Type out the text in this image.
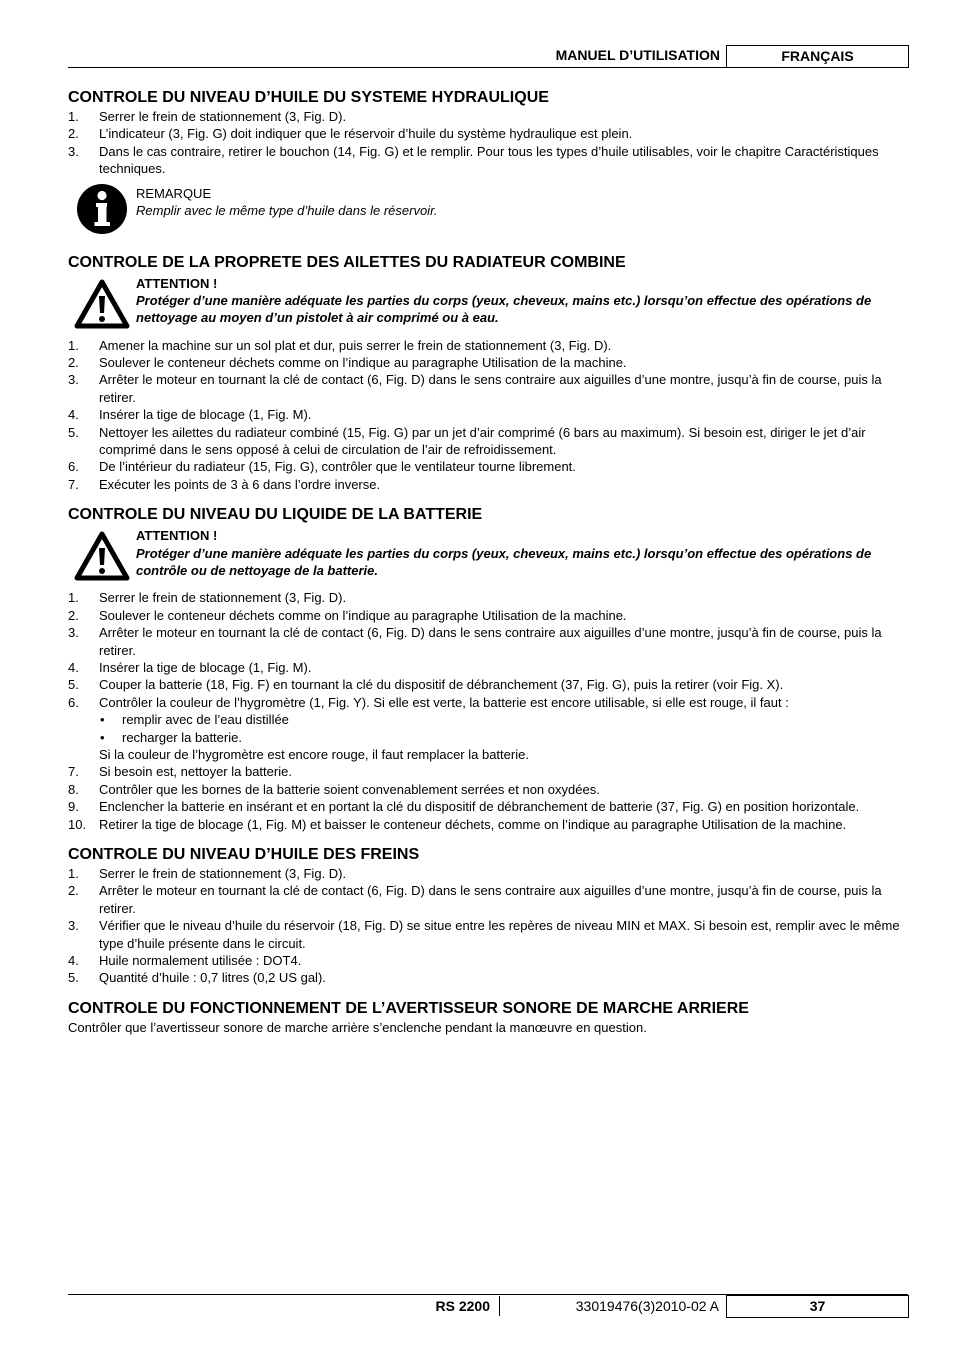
MANUEL D’UTILISATION	FRANÇAIS
CONTROLE DU NIVEAU D’HUILE DU SYSTEME HYDRAULIQUE
1. Serrer le frein de stationnement (3, Fig. D).
2. L’indicateur (3, Fig. G) doit indiquer que le réservoir d’huile du système hydraulique est plein.
3. Dans le cas contraire, retirer le bouchon (14, Fig. G) et le remplir. Pour tous les types d’huile utilisables, voir le chapitre Caractéristiques techniques.
REMARQUE
Remplir avec le même type d’huile dans le réservoir.
CONTROLE DE LA PROPRETE DES AILETTES DU RADIATEUR COMBINE
ATTENTION !
Protéger d’une manière adéquate les parties du corps (yeux, cheveux, mains etc.) lorsqu’on effectue des opérations de nettoyage au moyen d’un pistolet à air comprimé ou à eau.
1. Amener la machine sur un sol plat et dur, puis serrer le frein de stationnement (3, Fig. D).
2. Soulever le conteneur déchets comme on l’indique au paragraphe Utilisation de la machine.
3. Arrêter le moteur en tournant la clé de contact (6, Fig. D) dans le sens contraire aux aiguilles d’une montre, jusqu’à fin de course, puis la retirer.
4. Insérer la tige de blocage (1, Fig. M).
5. Nettoyer les ailettes du radiateur combiné (15, Fig. G) par un jet d’air comprimé (6 bars au maximum). Si besoin est, diriger le jet d’air comprimé dans le sens opposé à celui de circulation de l’air de refroidissement.
6. De l’intérieur du radiateur (15, Fig. G), contrôler que le ventilateur tourne librement.
7. Exécuter les points de 3 à 6 dans l’ordre inverse.
CONTROLE DU NIVEAU DU LIQUIDE DE LA BATTERIE
ATTENTION !
Protéger d’une manière adéquate les parties du corps (yeux, cheveux, mains etc.) lorsqu’on effectue des opérations de contrôle ou de nettoyage de la batterie.
1. Serrer le frein de stationnement (3, Fig. D).
2. Soulever le conteneur déchets comme on l’indique au paragraphe Utilisation de la machine.
3. Arrêter le moteur en tournant la clé de contact (6, Fig. D) dans le sens contraire aux aiguilles d’une montre, jusqu’à fin de course, puis la retirer.
4. Insérer la tige de blocage (1, Fig. M).
5. Couper la batterie (18, Fig. F) en tournant la clé du dispositif de débranchement (37, Fig. G), puis la retirer (voir Fig. X).
6. Contrôler la couleur de l’hygromètre (1, Fig. Y). Si elle est verte, la batterie est encore utilisable, si elle est rouge, il faut :
• remplir avec de l’eau distillée
• recharger la batterie.
Si la couleur de l’hygromètre est encore rouge, il faut remplacer la batterie.
7. Si besoin est, nettoyer la batterie.
8. Contrôler que les bornes de la batterie soient convenablement serrées et non oxydées.
9. Enclencher la batterie en insérant et en portant la clé du dispositif de débranchement de batterie (37, Fig. G) en position horizontale.
10. Retirer la tige de blocage (1, Fig. M) et baisser le conteneur déchets, comme on l’indique au paragraphe Utilisation de la machine.
CONTROLE DU NIVEAU D’HUILE DES FREINS
1. Serrer le frein de stationnement (3, Fig. D).
2. Arrêter le moteur en tournant la clé de contact (6, Fig. D) dans le sens contraire aux aiguilles d’une montre, jusqu’à fin de course, puis la retirer.
3. Vérifier que le niveau d’huile du réservoir (18, Fig. D) se situe entre les repères de niveau MIN et MAX. Si besoin est, remplir avec le même type d’huile présente dans le circuit.
4. Huile normalement utilisée : DOT4.
5. Quantité d’huile : 0,7 litres (0,2 US gal).
CONTROLE DU FONCTIONNEMENT DE L’AVERTISSEUR SONORE DE MARCHE ARRIERE
Contrôler que l’avertisseur sonore de marche arrière s’enclenche pendant la manœuvre en question.
RS 2200	33019476(3)2010-02 A	37
